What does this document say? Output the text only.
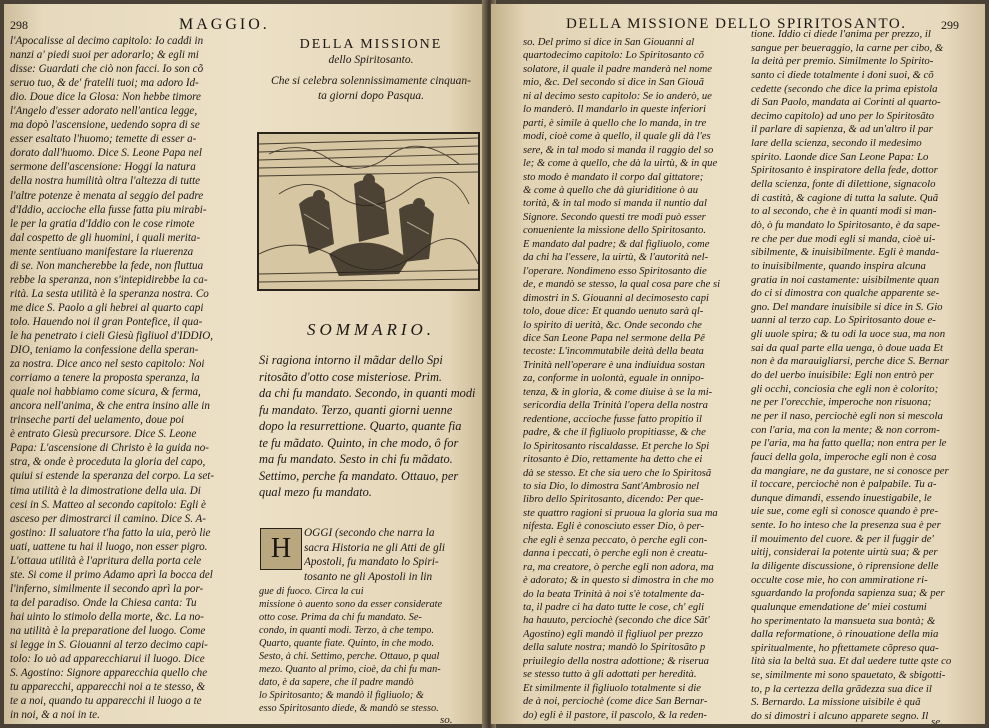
298	MAGGIO.
l'Apocalisse al decimo capitolo: Io caddi in
nanzi a' piedi suoi per adorarlo; & egli mi
disse: Guardati che ciò non facci. Io son cõ
seruo tuo, & de' fratelli tuoi; ma adoro Id-
dio. Doue dice la Glosa: Non hebbe timore
l'Angelo d'esser adorato nell'antica legge,
ma dopò l'ascensione, uedendo sopra di se
esser esaltato l'huomo; temette di esser a-
dorato dall'huomo. Dice S. Leone Papa nel
sermone dell'ascensione: Hoggi la natura
della nostra humilità oltra l'altezza di tutte
l'altre potenze è menata al seggio del padre
d'Iddio, accioche ella fusse fatta piu mirabi-
le per la gratia d'Iddio con le cose rimote
dal cospetto de gli huomini, i quali merita-
mente sentiuano manifestare la riuerenza
di se. Non mancherebbe la fede, non fluttua
rebbe la speranza, non s'intepidirebbe la ca-
rità. La sesta utilità è la speranza nostra. Co
me dice S. Paolo a gli hebrei al quarto capi
tolo. Hauendo noi il gran Pontefice, il qua-
le ha penetrato i cieli Giesù figliuol d'IDDIO,
DIO, teniamo la confessione della speran-
za nostra. Dice anco nel sesto capitolo: Noi
corriamo a tenere la proposta speranza, la
quale noi habbiamo come sicura, & ferma,
ancora nell'anima, & che entra insino alle in
trinseche parti del uelamento, doue poi
è entrato Giesù precursore. Dice S. Leone
Papa: L'ascensione di Christo è la guida no-
stra, & onde è proceduta la gloria del capo,
quiui si estende la speranza del corpo. La set-
tima utilità è la dimostratione della uia. Di
cesi in S. Matteo al secondo capitolo: Egli è
asceso per dimostrarci il camino. Dice S. A-
gostino: Il saluatore t'ha fatto la uia, però lie
uati, uattene tu hai il luogo, non esser pigro.
L'ottaua utilità è l'apritura della porta cele
ste. Si come il primo Adamo aprì la bocca del
l'inferno, similmente il secondo aprì la por-
ta del paradiso. Onde la Chiesa canta: Tu
hai uinto lo stimolo della morte, &c. La no-
na utilità è la preparatione del luogo. Come
si legge in S. Giouanni al terzo decimo capi-
tolo: Io uò ad apparecchiarui il luogo. Dice
S. Agostino: Signore apparecchia quello che
tu apparecchi, apparecchi noi a te stesso, &
te a noi, quando tu apparecchi il luogo a te
in noi, & a noi in te.
DELLA MISSIONE
dello Spiritosanto.
Che si celebra solennissimamente cinquan-
ta giorni dopo Pasqua.
SOMMARIO.
Si ragiona intorno il mãdar dello Spi
ritosãto d'otto cose misteriose. Prim.
da chi fu mandato. Secondo, in quanti modi
fu mandato. Terzo, quanti giorni uenne
dopo la resurrettione. Quarto, quante fia
te fu mãdato. Quinto, in che modo, ô for
ma fu mandato. Sesto in chi fu mãdato.
Settimo, perche fa mandato. Ottauo, per
qual mezo fu mandato.
H OGGI (secondo che narra la
sacra Historia ne gli Atti de gli
Apostoli, fu mandato lo Spiri-
tosanto ne gli Apostoli in lin
gue di fuoco. Circa la cui
missione ò auento sono da esser considerate
otto cose. Prima da chi fu mandato. Se-
condo, in quanti modi. Terzo, à che tempo.
Quarto, quante fiate. Quinto, in che modo.
Sesto, à chi. Settimo, perche. Ottauo, p qual
mezo. Quanto al primo, cioè, da chi fu man-
dato, è da sapere, che il padre mandò
lo Spiritosanto; & mandò il figliuolo; &
esso Spiritosanto diede, & mandò se stesso.
so.
DELLA MISSIONE DELLO SPIRITOSANTO.	299
so. Del primo si dice in San Giouanni al
quartodecimo capitolo: Lo Spiritosanto cõ
solatore, il quale il padre manderà nel nome
mio, &c. Del secondo si dice in San Giouã
ni al decimo sesto capitolo: Se io anderò, ue
lo manderò. Il mandarlo in queste inferiori
parti, è simile à quello che lo manda, in tre
modi, cioè come à quello, il quale gli dà l'es
sere, & in tal modo si manda il raggio del so
le; & come à quello, che dà la uirtù, & in que
sto modo è mandato il corpo dal gittatore;
& come à quello che dà giuriditione ò au
torità, & in tal modo si manda il nuntio dal
Signore. Secondo questi tre modi può esser
conueniente la missione dello Spiritosanto.
E mandato dal padre; & dal figliuolo, come
da chi ha l'essere, la uirtù, & l'autorità nel-
l'operare. Nondimeno esso Spiritosanto die
de, e mandò se stesso, la qual cosa pare che si
dimostri in S. Giouanni al decimosesto capi
tolo, doue dice: Et quando uenuto sarà ql-
lo spirito di uerità, &c. Onde secondo che
dice San Leone Papa nel sermone della Pê
tecoste: L'incommutabile deità della beata
Trinità nell'operare è una indiuidua sostan
za, conforme in uolontà, eguale in onnipo-
tenza, & in gloria, & come diuise à se la mi-
sericordia della Trinità l'opera della nostra
redentione, accioche fusse fatto propitio il
padre, & che il figliuolo propitiasse, & che
lo Spiritosanto riscaldasse. Et perche lo Spi
ritosanto è Dio, rettamente ha detto che ei
dà se stesso. Et che sia uero che lo Spiritosã
to sia Dio, lo dimostra Sant'Ambrosio nel
libro dello Spiritosanto, dicendo: Per que-
ste quattro ragioni si pruoua la gloria sua ma
nifesta. Egli è conosciuto esser Dio, ò per-
che egli è senza peccato, ò perche egli con-
danna i peccati, ò perche egli non è creatu-
ra, ma creatore, ò perche egli non adora, ma
è adorato; & in questo si dimostra in che mo
do la beata Trinità à noi s'è totalmente da-
ta, il padre ci ha dato tutte le cose, ch' egli
ha hauuto, perciochè (secondo che dice Sãt'
Agostino) egli mandò il figliuol per prezzo
della salute nostra; mandò lo Spiritosãto p
priuilegio della nostra adottione; & riserua
se stesso tutto à gli adottati per heredità.
Et similmente il figliuolo totalmente si die
de à noi, perciochè (come dice San Bernar-
do) egli è il pastore, il pascolo, & la reden-
tione. Iddio ci diede l'anima per prezzo, il
sangue per beueraggio, la carne per cibo, &
la deità per premio. Similmente lo Spirito-
santo ci diede totalmente i doni suoi, & cõ
cedette (secondo che dice la prima epistola
di San Paolo, mandata ai Corinti al quarto-
decimo capitolo) ad uno per lo Spiritosãto
il parlare di sapienza, & ad un'altro il par
lare della scienza, secondo il medesimo
spirito. Laonde dice San Leone Papa: Lo
Spiritosanto è inspiratore della fede, dottor
della scienza, fonte di dilettione, signacolo
di castità, & cagione di tutta la salute. Quã
to al secondo, che è in quanti modi si man-
dò, ò fu mandato lo Spiritosanto, è da sape-
re che per due modi egli si manda, cioè ui-
sibilmente, & inuisibilmente. Egli è manda-
to inuisibilmente, quando inspira alcuna
gratia in noi castamente: uisibilmente quan
do ci si dimostra con qualche apparente se-
gno. Del mandare inuisibile si dice in S. Gio
uanni al terzo cap. Lo Spiritosanto doue e-
gli uuole spira; & tu odi la uoce sua, ma non
sai da qual parte ella uenga, ò doue uada Et
non è da marauigliarsi, perche dice S. Bernar
do del uerbo inuisibile: Egli non entrò per
gli occhi, conciosia che egli non è colorito;
ne per l'orecchie, imperoche non risuona;
ne per il naso, perciochè egli non si mescola
con l'aria, ma con la mente; & non corrom-
pe l'aria, ma ha fatto quella; non entra per le
fauci della gola, imperoche egli non è cosa
da mangiare, ne da gustare, ne si conosce per
il toccare, perciochè non è palpabile. Tu a-
dunque dimandi, essendo inuestigabile, le
uie sue, come egli si conosce quando è pre-
sente. Io ho inteso che la presenza sua è per
il mouimento del cuore. & per il fuggir de'
uitij, considerai la potente uirtù sua; & per
la diligente discussione, ò riprensione delle
occulte cose mie, ho con ammiratione ri-
sguardando la profonda sapienza sua; & per
qualunque emendatione de' miei costumi
ho sperimentato la mansueta sua bontà; &
dalla reformatione, ò rinouatione della mia
spiritualmente, ho pftettamete cõpreso qua-
lità sia la beltà sua. Et dal uedere tutte qste co
se, similmente mi sono spauetato, & sbigotti-
to, p la certezza della grãdezza sua dice il
S. Bernardo. La missione uisibile è quã
do si dimostri i alcuno apparete segno. Il se.
